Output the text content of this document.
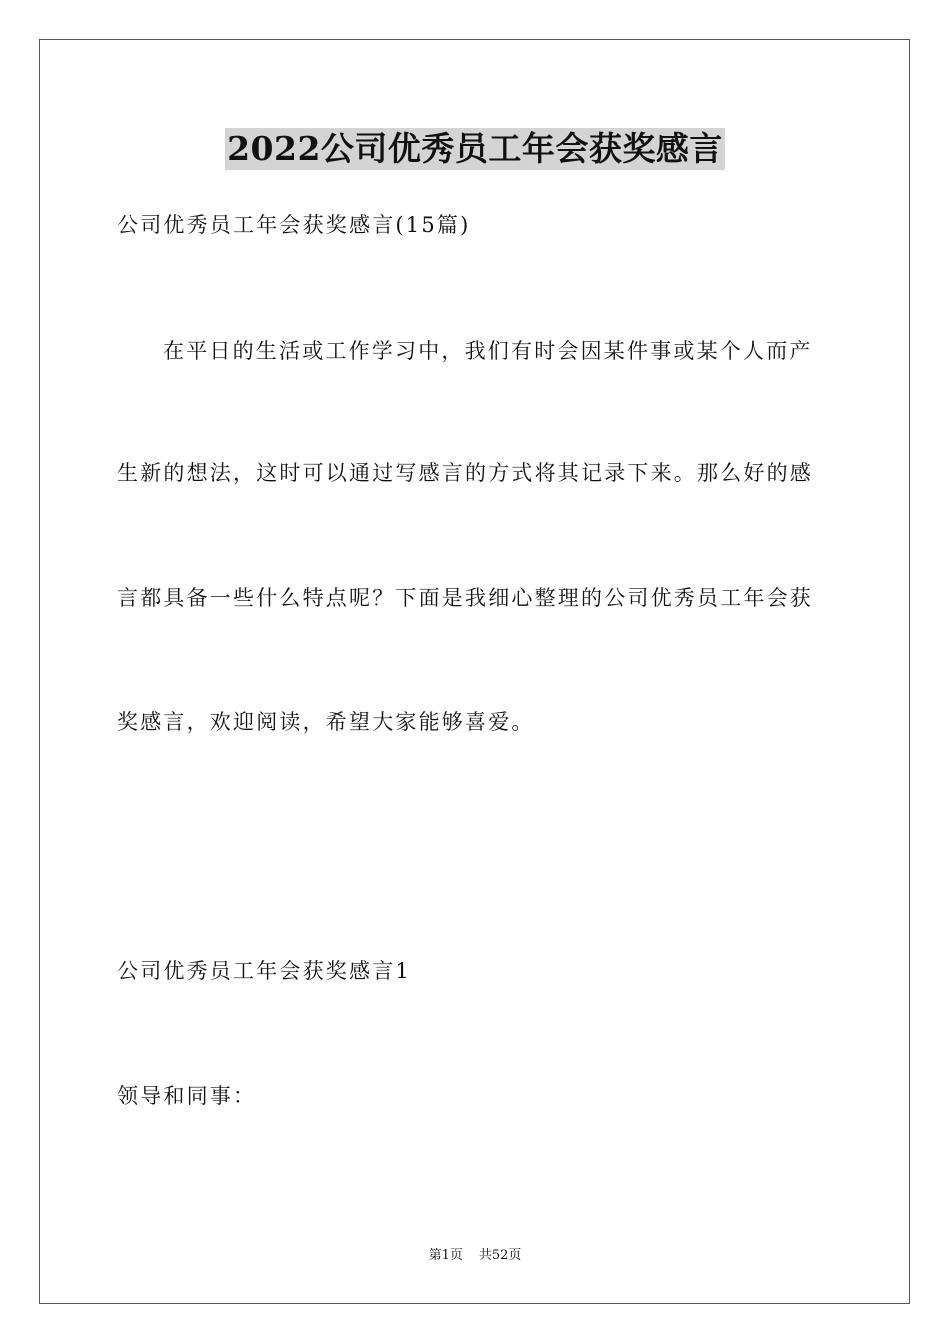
2022公司优秀员工年会获奖感言
公司优秀员工年会获奖感言(15篇)
在平日的生活或工作学习中，我们有时会因某件事或某个人而产
生新的想法，这时可以通过写感言的方式将其记录下来。那么好的感
言都具备一些什么特点呢？下面是我细心整理的公司优秀员工年会获
奖感言，欢迎阅读，希望大家能够喜爱。
公司优秀员工年会获奖感言1
领导和同事：
第1页 共52页
